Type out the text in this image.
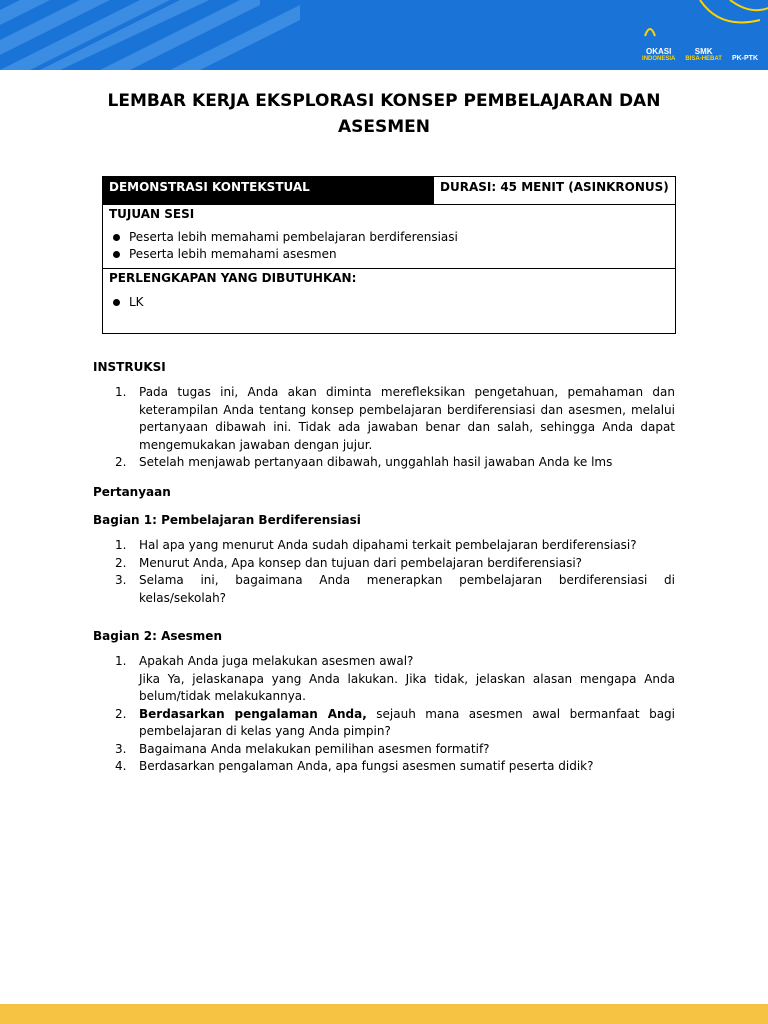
OKASI
INDONESIA
SMK
BISA-HEBAT PK-PTK
LEMBAR KERJA EKSPLORASI KONSEP PEMBELAJARAN DAN
ASESMEN
DEMONSTRASI KONTEKSTUAL	DURASI: 45 MENIT (ASINKRONUS)
TUJUAN SESI
Peserta lebih memahami pembelajaran berdiferensiasi
Peserta lebih memahami asesmen
PERLENGKAPAN YANG DIBUTUHKAN:
LK
INSTRUKSI
1. Pada tugas ini, Anda akan diminta merefleksikan pengetahuan, pemahaman dan keterampilan Anda tentang konsep pembelajaran berdiferensiasi dan asesmen, melalui pertanyaan dibawah ini. Tidak ada jawaban benar dan salah, sehingga Anda dapat mengemukakan jawaban dengan jujur.
2. Setelah menjawab pertanyaan dibawah, unggahlah hasil jawaban Anda ke lms
Pertanyaan
Bagian 1: Pembelajaran Berdiferensiasi
1. Hal apa yang menurut Anda sudah dipahami terkait pembelajaran berdiferensiasi?
2. Menurut Anda, Apa konsep dan tujuan dari pembelajaran berdiferensiasi?
3. Selama ini, bagaimana Anda menerapkan pembelajaran berdiferensiasi di kelas/sekolah?
Bagian 2: Asesmen
1. Apakah Anda juga melakukan asesmen awal?
Jika Ya, jelaskanapa yang Anda lakukan. Jika tidak, jelaskan alasan mengapa Anda belum/tidak melakukannya.
2. Berdasarkan pengalaman Anda, sejauh mana asesmen awal bermanfaat bagi pembelajaran di kelas yang Anda pimpin?
3. Bagaimana Anda melakukan pemilihan asesmen formatif?
4. Berdasarkan pengalaman Anda, apa fungsi asesmen sumatif peserta didik?
